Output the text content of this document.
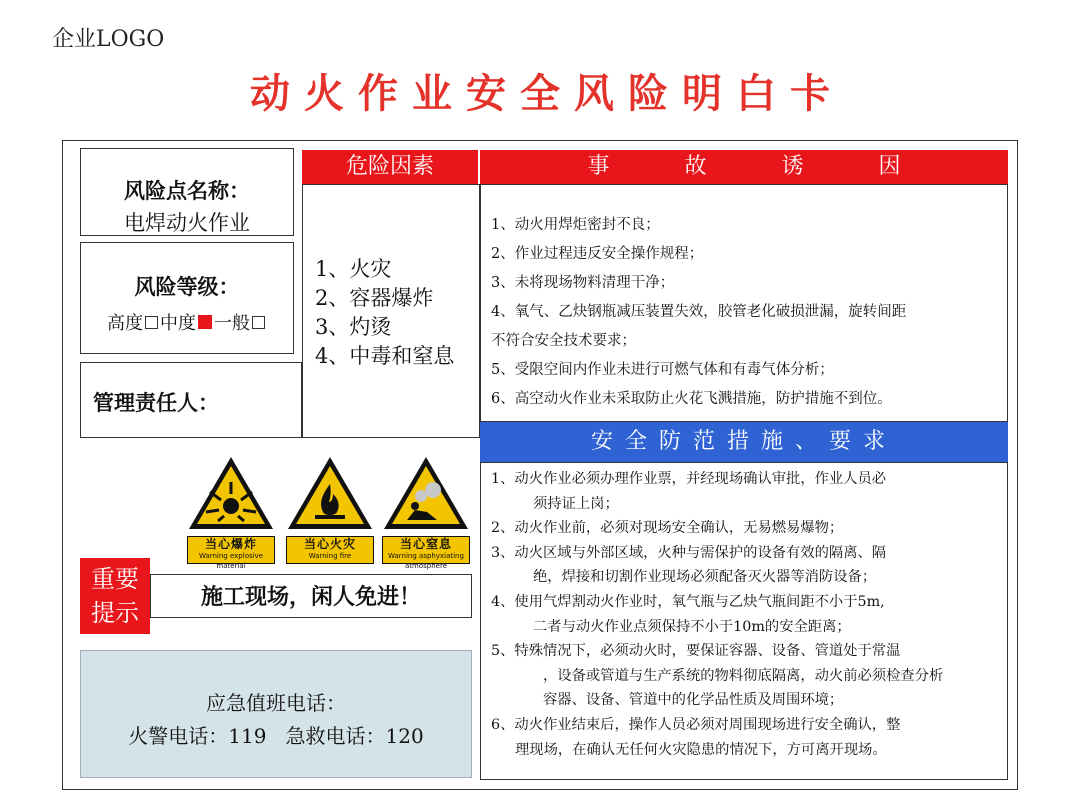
企业LOGO
动火作业安全风险明白卡
风险点名称：
电焊动火作业
风险等级：
高度 中度 一般
管理责任人：
危险因素
1、火灾
2、容器爆炸
3、灼烫
4、中毒和窒息
事	故	诱	因
1、动火用焊炬密封不良；
2、作业过程违反安全操作规程；
3、未将现场物料清理干净；
4、氧气、乙炔钢瓶减压装置失效，胶管老化破损泄漏，旋转间距
不符合安全技术要求；
5、受限空间内作业未进行可燃气体和有毒气体分析；
6、高空动火作业未采取防止火花飞溅措施，防护措施不到位。
安全防范措施、要求
1、动火作业必须办理作业票，并经现场确认审批，作业人员必
须持证上岗；
2、动火作业前，必须对现场安全确认，无易燃易爆物；
3、动火区域与外部区域，火种与需保护的设备有效的隔离、隔
绝，焊接和切割作业现场必须配备灭火器等消防设备；
4、使用气焊割动火作业时，氧气瓶与乙炔气瓶间距不小于5m,
二者与动火作业点须保持不小于10m的安全距离；
5、特殊情况下，必须动火时，要保证容器、设备、管道处于常温
，设备或管道与生产系统的物料彻底隔离，动火前必须检查分析
容器、设备、管道中的化学品性质及周围环境；
6、动火作业结束后，操作人员必须对周围现场进行安全确认，整
理现场，在确认无任何火灾隐患的情况下，方可离开现场。
当心爆炸
Warning explosive material
当心火灾
Warning fire
当心窒息
Warning asphyxiating atmosphere
重要
提示
施工现场，闲人免进！
应急值班电话：
火警电话：119   急救电话：120
